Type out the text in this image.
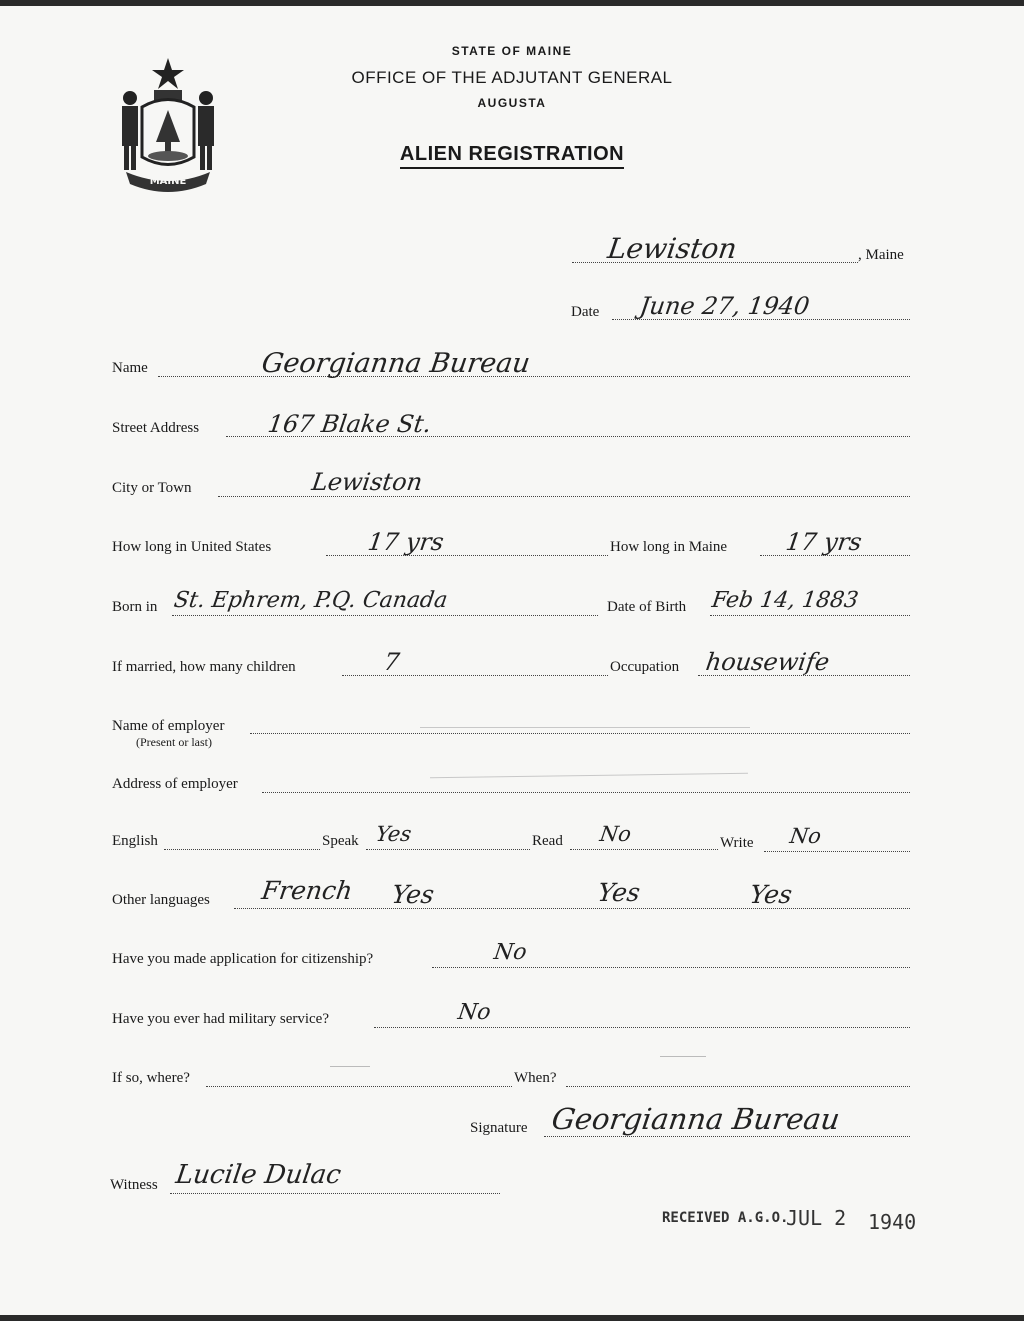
MAINE
STATE OF MAINE
OFFICE OF THE ADJUTANT GENERAL
AUGUSTA
ALIEN REGISTRATION
Lewiston	, Maine
Date June 27, 1940
Name	Georgianna Bureau
Street Address	167 Blake St.
City or Town	Lewiston
How long in United States	17 yrs	How long in Maine 17 yrs
Born in St. Ephrem, P.Q. Canada	Date of Birth Feb 14, 1883
If married, how many children	7	Occupation housewife
Name of employer
(Present or last)
Address of employer
English	Speak Yes	Read No	Write No
Other languages French Yes	Yes	Yes
Have you made application for citizenship?	No
Have you ever had military service?	No
If so, where?	When?
Signature Georgianna Bureau
Witness Lucile Dulac
RECEIVED A.G.O.
JUL 2 1940
